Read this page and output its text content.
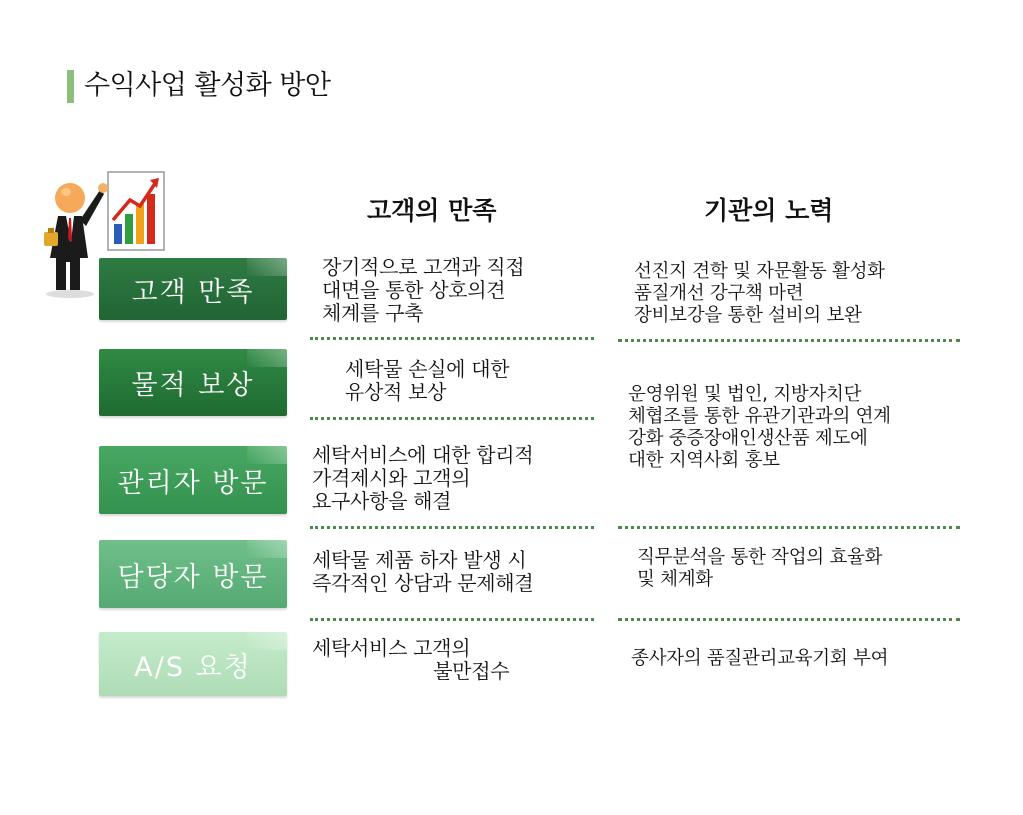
수익사업 활성화 방안
고객의 만족	기관의 노력
고객 만족
물적 보상
관리자 방문
담당자 방문
A/S 요청
장기적으로 고객과 직접
대면을 통한 상호의견
체계를 구축
세탁물 손실에 대한
유상적 보상
세탁서비스에 대한 합리적
가격제시와 고객의
요구사항을 해결
세탁물 제품 하자 발생 시
즉각적인 상담과 문제해결
세탁서비스 고객의
불만접수
선진지 견학 및 자문활동 활성화
품질개선 강구책 마련
장비보강을 통한 설비의 보완
운영위원 및 법인, 지방자치단
체협조를 통한 유관기관과의 연계
강화 중증장애인생산품 제도에
대한 지역사회 홍보
직무분석을 통한 작업의 효율화
및 체계화
종사자의 품질관리교육기회 부여
